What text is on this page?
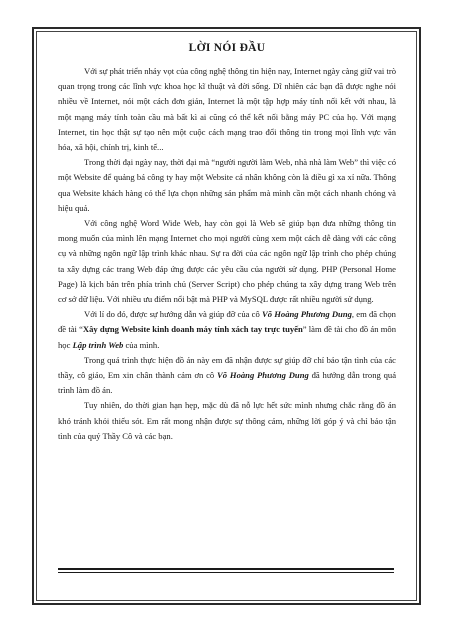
LỜI NÓI ĐẦU

Với sự phát triển nhảy vọt của công nghệ thông tin hiện nay, Internet ngày càng giữ vai trò quan trọng trong các lĩnh vực khoa học kĩ thuật và đời sống. Dĩ nhiên các bạn đã được nghe nói nhiều về Internet, nói một cách đơn giản, Internet là một tập hợp máy tính nối kết với nhau, là một mạng máy tính toàn cầu mà bất kì ai cũng có thể kết nối bằng máy PC của họ. Với mạng Internet, tin học thật sự tạo nên một cuộc cách mạng trao đổi thông tin trong mọi lĩnh vực văn hóa, xã hội, chính trị, kinh tế...

Trong thời đại ngày nay, thời đại mà “người người làm Web, nhà nhà làm Web” thì việc có một Website để quảng bá công ty hay một Website cá nhân không còn là điều gì xa xỉ nữa. Thông qua Website khách hàng có thể lựa chọn những sản phẩm mà mình cần một cách nhanh chóng và hiệu quả.

Với công nghệ Word Wide Web, hay còn gọi là Web sẽ giúp bạn đưa những thông tin mong muốn của mình lên mạng Internet cho mọi người cùng xem một cách dễ dàng với các công cụ và những ngôn ngữ lập trình khác nhau. Sự ra đời của các ngôn ngữ lập trình cho phép chúng ta xây dựng các trang Web đáp ứng được các yêu cầu của người sử dụng. PHP (Personal Home Page) là kịch bản trên phía trình chủ (Server Script) cho phép chúng ta xây dựng trang Web trên cơ sở dữ liệu. Với nhiều ưu điểm nổi bật mà PHP và MySQL được rất nhiều người sử dụng.

Với lí do đó, được sự hướng dẫn và giúp đỡ của cô Võ Hoàng Phương Dung, em đã chọn đề tài “Xây dựng Website kinh doanh máy tính xách tay trực tuyến” làm đề tài cho đồ án môn học Lập trình Web của mình.

Trong quá trình thực hiện đồ án này em đã nhận được sự giúp đỡ chỉ bảo tận tình của các thầy, cô giáo, Em xin chân thành cảm ơn cô Võ Hoàng Phương Dung đã hướng dẫn trong quá trình làm đồ án.

Tuy nhiên, do thời gian hạn hẹp, mặc dù đã nỗ lực hết sức mình nhưng chắc rằng đồ án khó tránh khỏi thiếu sót. Em rất mong nhận được sự thông cảm, những lời góp ý và chỉ bảo tận tình của quý Thầy Cô và các bạn.
